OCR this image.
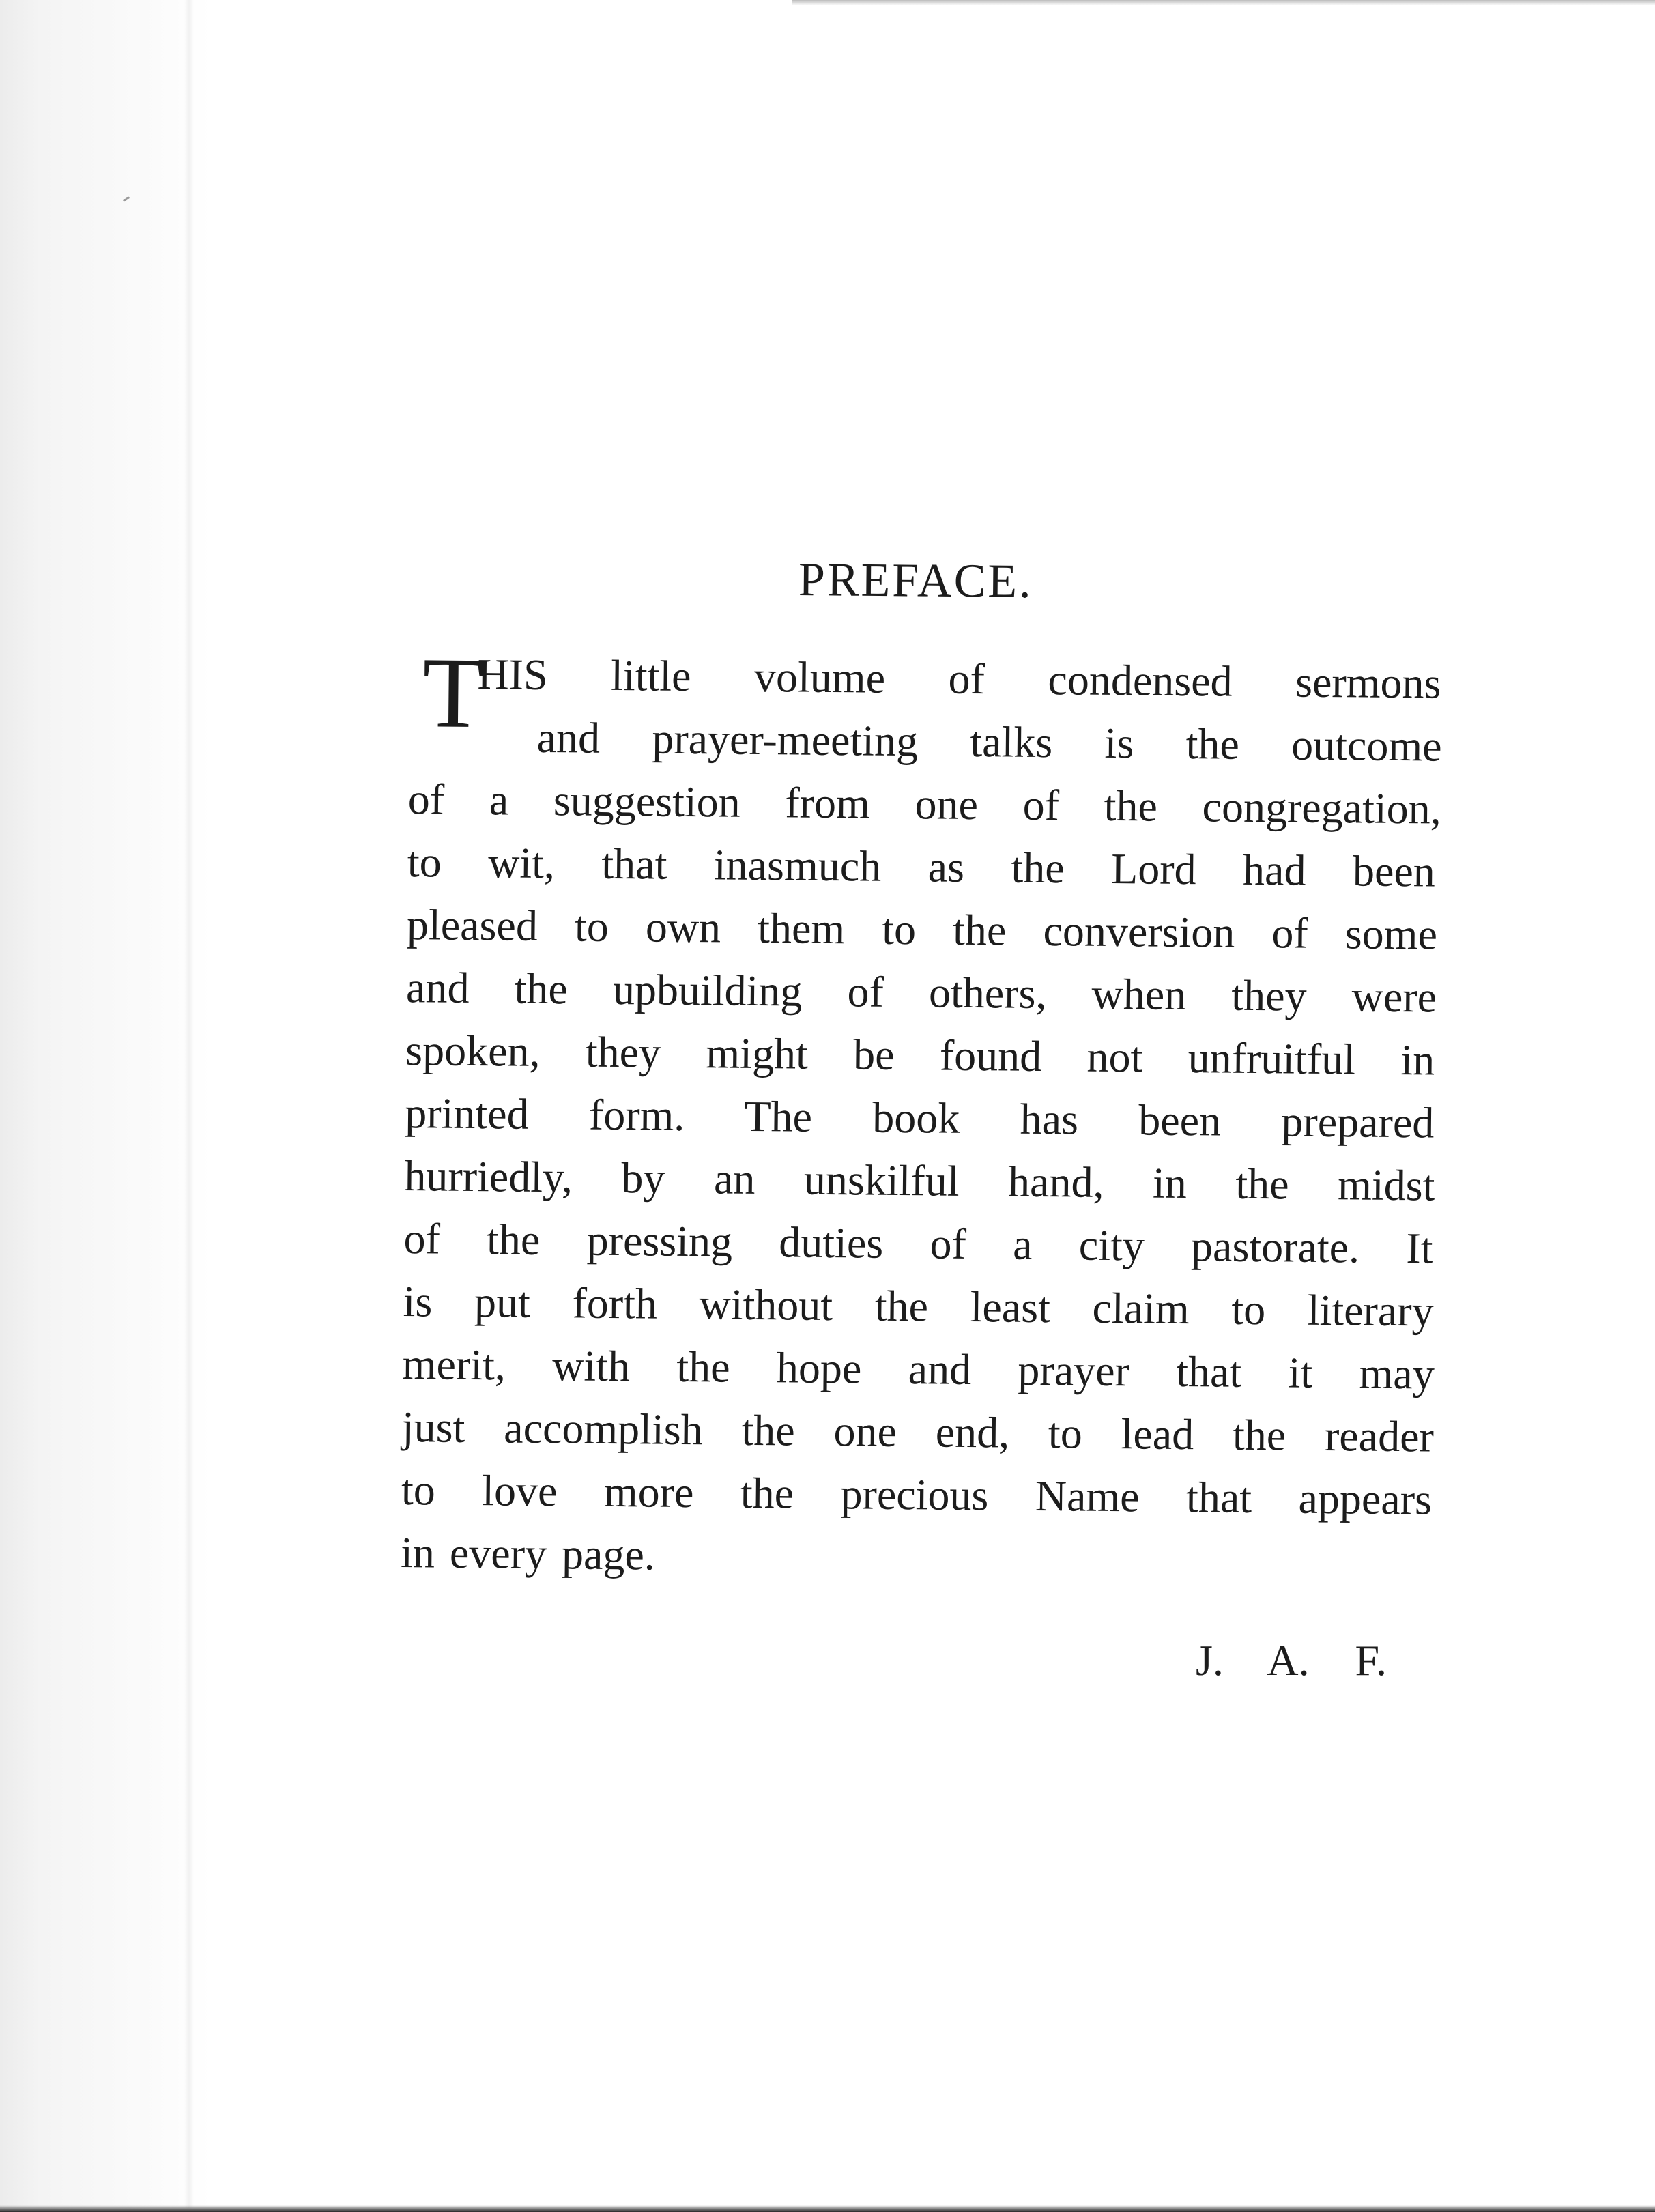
PREFACE.
T
HIS little volume of condensed sermons
and prayer-meeting talks is the outcome
of a suggestion from one of the congregation,
to wit, that inasmuch as the Lord had been
pleased to own them to the conversion of some
and the upbuilding of others, when they were
spoken, they might be found not unfruitful in
printed form. The book has been prepared
hurriedly, by an unskilful hand, in the midst
of the pressing duties of a city pastorate. It
is put forth without the least claim to literary
merit, with the hope and prayer that it may
just accomplish the one end, to lead the reader
to love more the precious Name that appears
in every page.
J. A. F.
